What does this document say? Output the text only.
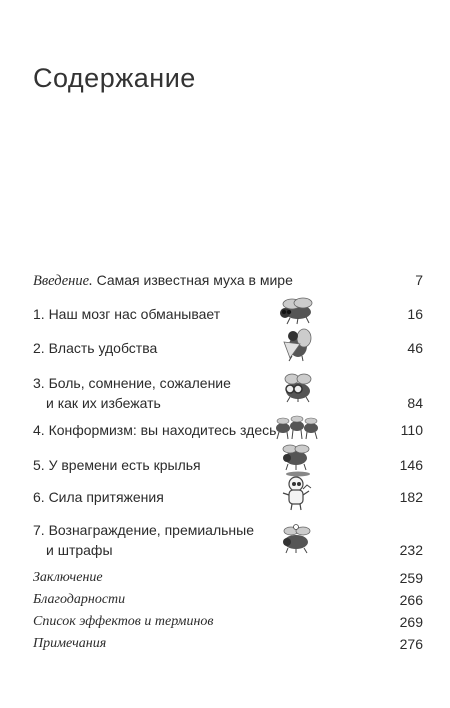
Содержание
Введение. Самая известная муха в мире	7
1. Наш мозг нас обманывает	16
2. Власть удобства	46
3. Боль, сомнение, сожаление
и как их избежать	84
4. Конформизм: вы находитесь здесь	110
5. У времени есть крылья	146
6. Сила притяжения	182
7. Вознаграждение, премиальные
и штрафы	232
Заключение	259
Благодарности	266
Список эффектов и терминов	269
Примечания	276
